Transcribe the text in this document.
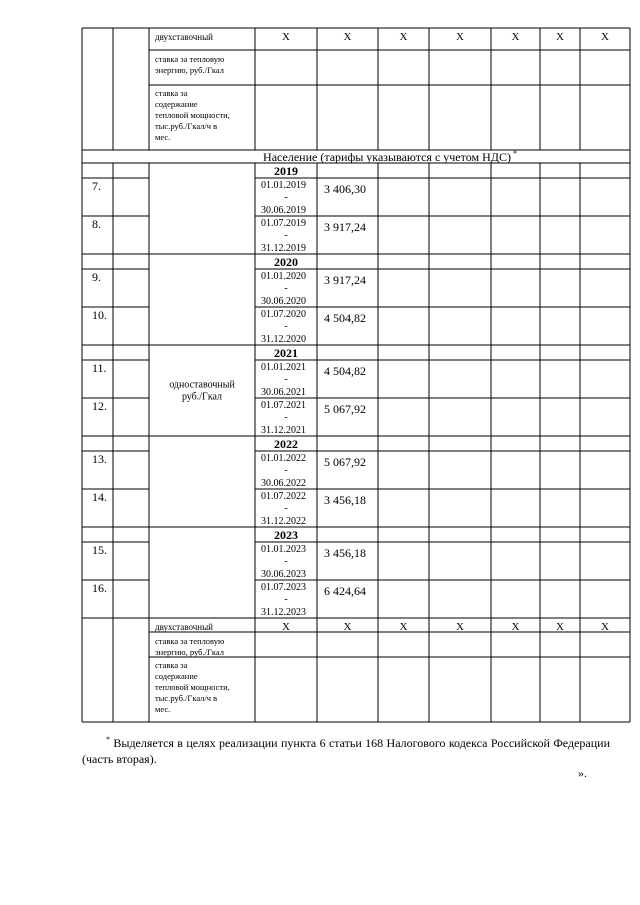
двухставочный	X	X	X	X	X	X	X
ставка за тепловую
энергию, руб./Гкал
ставка за
содержание
тепловой мощности,
тыс.руб./Гкал/ч в
мес.
Население (тарифы указываются с учетом НДС) *
2019
7.	01.01.2019
-
30.06.2019
3 406,30
8.	01.07.2019
-
31.12.2019
3 917,24
2020
9.	01.01.2020
-
30.06.2020
3 917,24
10.	01.07.2020
-
31.12.2020
4 504,82
2021
11.	01.01.2021
-
30.06.2021
4 504,82
12.	01.07.2021
-
31.12.2021
5 067,92
2022
13.	01.01.2022
-
30.06.2022
5 067,92
14.	01.07.2022
-
31.12.2022
3 456,18
2023
15.	01.01.2023
-
30.06.2023
3 456,18
16.	01.07.2023
-
31.12.2023
6 424,64
одноставочный
руб./Гкал
двухставочный	X	X	X	X	X	X	X
ставка за тепловую
энергию, руб./Гкал
ставка за
содержание
тепловой мощности,
тыс.руб./Гкал/ч в
мес.
  * Выделяется в целях реализации пункта 6 статьи 168 Налогового кодекса Российской Федерации (часть вторая).
».
